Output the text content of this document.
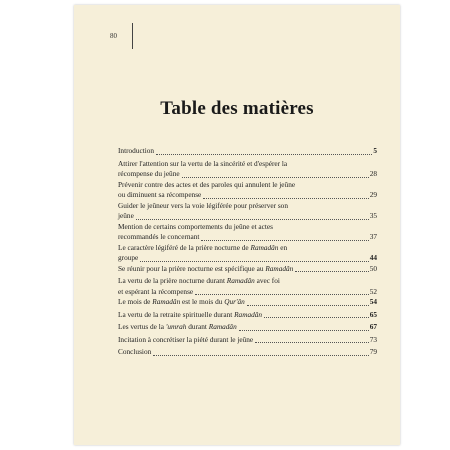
80
Table des matières
Introduction	5
Attirer l'attention sur la vertu de la sincérité et d'espérer la
récompense du jeûne	28
Prévenir contre des actes et des paroles qui annulent le jeûne
ou diminuent sa récompense	29
Guider le jeûneur vers la voie légiférée pour préserver son
jeûne	35
Mention de certains comportements du jeûne et actes
recommandés le concernant	37
Le caractère légiféré de la prière nocturne de Ramadân en
groupe	44
Se réunir pour la prière nocturne est spécifique au Ramadân	50
La vertu de la prière nocturne durant Ramadân avec foi
et espérant la récompense	52
Le mois de Ramadân est le mois du Qur'ân	54
La vertu de la retraite spirituelle durant Ramadân	65
Les vertus de la 'umrah durant Ramadân	67
Incitation à concrétiser la piété durant le jeûne	73
Conclusion	79
